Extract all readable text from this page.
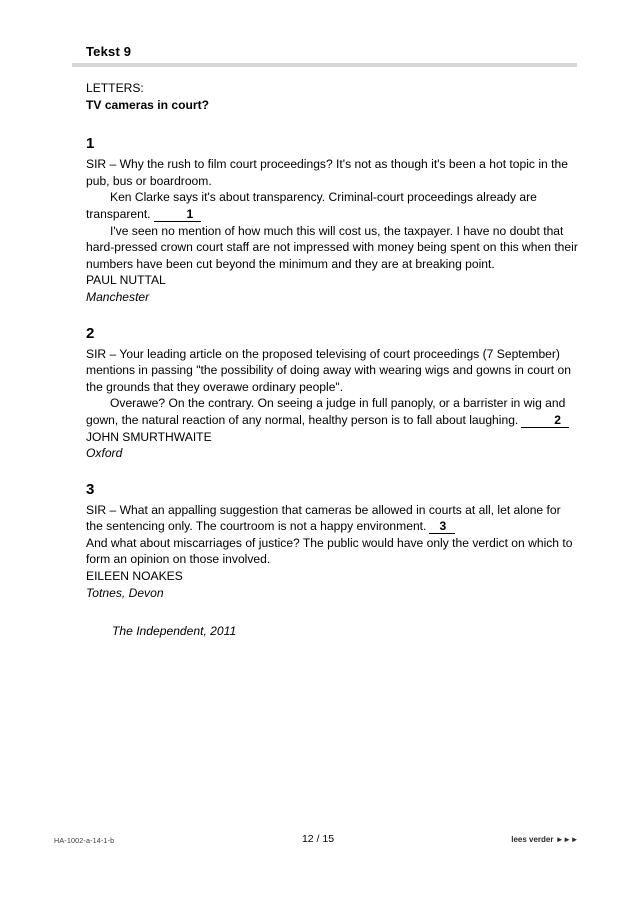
Tekst 9
LETTERS:
TV cameras in court?
1

SIR – Why the rush to film court proceedings? It's not as though it's been a hot topic in the pub, bus or boardroom.

Ken Clarke says it's about transparency. Criminal-court proceedings already are transparent.	1

I've seen no mention of how much this will cost us, the taxpayer. I have no doubt that hard-pressed crown court staff are not impressed with money being spent on this when their numbers have been cut beyond the minimum and they are at breaking point.

PAUL NUTTAL

Manchester

2

SIR – Your leading article on the proposed televising of court proceedings (7 September) mentions in passing "the possibility of doing away with wearing wigs and gowns in court on the grounds that they overawe ordinary people".

Overawe? On the contrary. On seeing a judge in full panoply, or a barrister in wig and gown, the natural reaction of any normal, healthy person is to fall about laughing.	2

JOHN SMURTHWAITE

Oxford

3

SIR – What an appalling suggestion that cameras be allowed in courts at all, let alone for the sentencing only. The courtroom is not a happy environment. 3

And what about miscarriages of justice? The public would have only the verdict on which to form an opinion on those involved.

EILEEN NOAKES

Totnes, Devon

The Independent, 2011
HA-1002-a-14-1-b	12 / 15	lees verder ►►►
